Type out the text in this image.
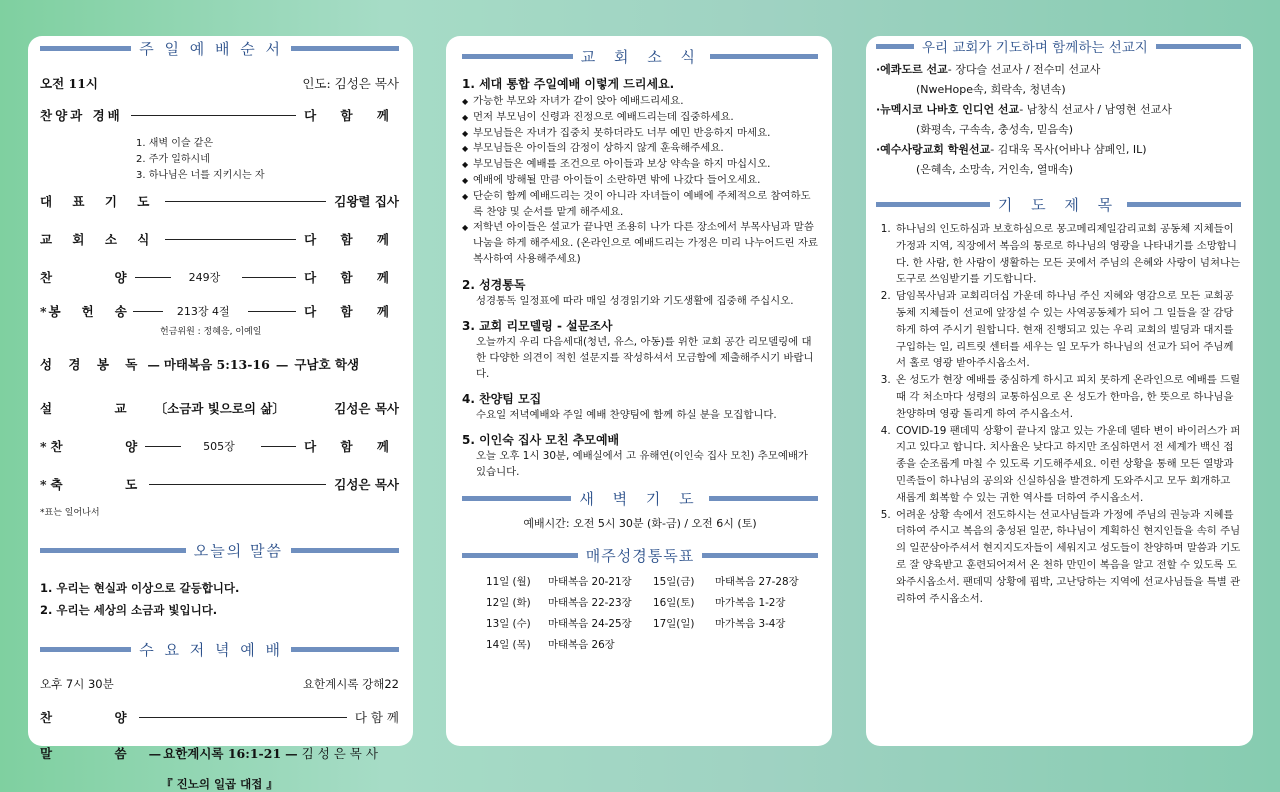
주 일 예 배 순 서
오전 11시	인도: 김성은 목사
찬양과 경배	다 함 께
1. 새벽 이슬 같은
2. 주가 일하시네
3. 하나님은 너를 지키시는 자
대 표 기 도	김왕렬 집사
교 회 소 식	다 함 께
찬       양	249장	다 함 께
*봉   헌   송	213장 4절	다 함 께
헌금위원 : 정혜응, 이예일
성 경 봉 독 — 마태복음 5:13-16 — 구남호 학생
설       교 〔소금과 빛으로의 삶〕	김성은 목사
*찬       양	505장	다 함 께
*축       도	김성은 목사
*표는 일어나서
오늘의 말씀
1. 우리는 현실과 이상으로 갈등합니다.
2. 우리는 세상의 소금과 빛입니다.
수 요 저 녁 예 배
오후 7시 30분	요한계시록 강해22
찬       양	다 함 께
말       씀 — 요한계시록 16:1-21 — 김 성 은 목 사
『 진노의 일곱 대접 』
교 회 소 식
1. 세대 통합 주일예배 이렇게 드리세요.
◆ 가능한 부모와 자녀가 같이 앉아 예배드리세요.
◆ 먼저 부모님이 신령과 진정으로 예배드리는데 집중하세요.
◆ 부모님들은 자녀가 집중치 못하더라도 너무 예민 반응하지 마세요.
◆ 부모님들은 아이들의 감정이 상하지 않게 훈육해주세요.
◆ 부모님들은 예배를 조건으로 아이들과 보상 약속을 하지 마십시오.
◆ 예배에 방해될 만큼 아이들이 소란하면 밖에 나갔다 들어오세요.
◆ 단순히 함께 예배드리는 것이 아니라 자녀들이 예배에 주체적으로 참여하도록 찬양 및 순서를 맡게 해주세요.
◆ 저학년 아이들은 설교가 끝나면 조용히 나가 다른 장소에서 부목사님과 말씀 나눔을 하게 해주세요. (온라인으로 예배드리는 가정은 미리 나누어드린 자료 복사하여 사용해주세요)
2. 성경통독
성경통독 일정표에 따라 매일 성경읽기와 기도생활에 집중해 주십시오.
3. 교회 리모델링 - 설문조사
오늘까지 우리 다음세대(청년, 유스, 아동)를 위한 교회 공간 리모델링에 대한 다양한 의견이 적힌 설문지를 작성하셔서 모금함에 제출해주시기 바랍니다.
4. 찬양팀 모집
수요일 저녁예배와 주일 예배 찬양팀에 함께 하실 분을 모집합니다.
5. 이인숙 집사 모친 추모예배
오늘 오후 1시 30분, 예배실에서 고 유해연(이인숙 집사 모친) 추모예배가 있습니다.
새 벽 기 도
예배시간: 오전 5시 30분 (화-금) / 오전 6시 (토)
매주성경통독표
11일 (월)	마태복음 20-21장	15일(금)	마태복음 27-28장
12일 (화)	마태복음 22-23장	16일(토)	마가복음 1-2장
13일 (수)	마태복음 24-25장	17일(일)	마가복음 3-4장
14일 (목)	마태복음 26장
우리 교회가 기도하며 함께하는 선교지
·에콰도르 선교- 장다슬 선교사 / 전수미 선교사
(NweHope속, 희락속, 청년속)
·뉴멕시코 나바호 인디언 선교- 남창식 선교사 / 남영현 선교사
(화평속, 구속속, 충성속, 믿음속)
·예수사랑교회 학원선교- 김대욱 목사(어바나 샴페인, IL)
(은혜속, 소망속, 거인속, 열매속)
기 도 제 목
1. 하나님의 인도하심과 보호하심으로 몽고메리제일감리교회 공동체 지체들이 가정과 지역, 직장에서 복음의 통로로 하나님의 영광을 나타내기를 소망합니다. 한 사람, 한 사람이 생활하는 모든 곳에서 주님의 은혜와 사랑이 넘쳐나는 도구로 쓰임받기를 기도합니다.
2. 담임목사님과 교회리더십 가운데 하나님 주신 지혜와 영감으로 모든 교회공동체 지체들이 선교에 앞장설 수 있는 사역공동체가 되어 그 일들을 잘 감당하게 하여 주시기 원합니다. 현재 진행되고 있는 우리 교회의 빌딩과 대지를 구입하는 일, 리트릿 센터를 세우는 일 모두가 하나님의 선교가 되어 주님께서 홀로 영광 받아주시옵소서.
3. 온 성도가 현장 예배를 중심하게 하시고 피치 못하게 온라인으로 예배를 드릴 때 각 처소마다 성령의 교통하심으로 온 성도가 한마음, 한 뜻으로 하나님을 찬양하며 영광 돌리게 하여 주시옵소서.
4. COVID-19 팬데믹 상황이 끝나지 않고 있는 가운데 델타 변이 바이러스가 퍼지고 있다고 합니다. 치사율은 낮다고 하지만 조심하면서 전 세계가 백신 접종을 순조롭게 마칠 수 있도록 기도해주세요. 이런 상황을 통해 모든 열방과 민족들이 하나님의 공의와 신실하심을 발견하게 도와주시고 모두 회개하고 새롭게 회복할 수 있는 귀한 역사를 더하여 주시옵소서.
5. 어려운 상황 속에서 전도하시는 선교사님들과 가정에 주님의 권능과 지혜를 더하여 주시고 복음의 충성된 일꾼, 하나님이 계획하신 현지인들을 속히 주님의 일꾼삼아주셔서 현지지도자들이 세워지고 성도들이 찬양하며 말씀과 기도로 잘 양육받고 훈련되어져서 온 천하 만민이 복음을 알고 전할 수 있도록 도와주시옵소서. 팬데믹 상황에 핍박, 고난당하는 지역에 선교사님들을 특별 관리하여 주시옵소서.
